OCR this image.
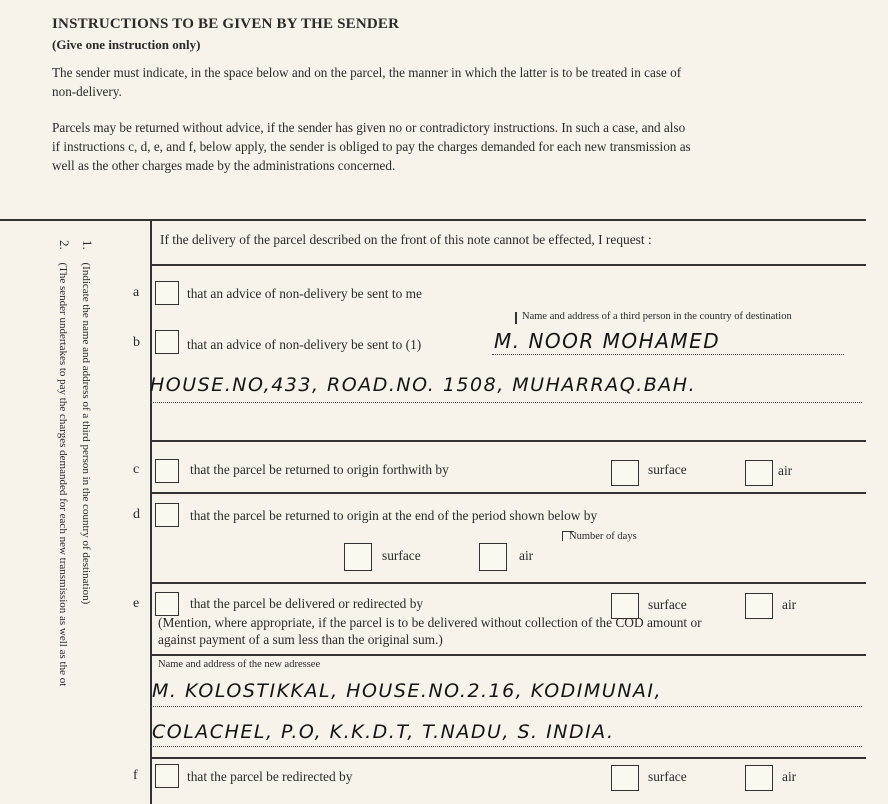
INSTRUCTIONS TO BE GIVEN BY THE SENDER
(Give one instruction only)
The sender must indicate, in the space below and on the parcel, the manner in which the latter is to be treated in case of
non-delivery.
Parcels may be returned without advice, if the sender has given no or contradictory instructions. In such a case, and also
if instructions c, d, e, and f, below apply, the sender is obliged to pay the charges demanded for each new transmission as
well as the other charges made by the administrations concerned.
1. (Indicate the name and address of a third person in the country of destination)
2. (The sender undertakes to pay the charges demanded for each new transmission as well as the ot
If the delivery of the parcel described on the front of this note cannot be effected, I request :
a	that an advice of non-delivery be sent to me
Name and address of a third person in the country of destination
b	that an advice of non-delivery be sent to (1)	M. NOOR MOHAMED
HOUSE.NO,433, ROAD.NO. 1508, MUHARRAQ.BAH.
c	that the parcel be returned to origin forthwith by	surface	air
d	that the parcel be returned to origin at the end of the period shown below by
Number of days
surface	air
e	that the parcel be delivered or redirected by	surface	air
(Mention, where appropriate, if the parcel is to be delivered without collection of the COD amount or
against payment of a sum less than the original sum.)
Name and address of the new adressee
M. KOLOSTIKKAL, HOUSE.NO.2.16, KODIMUNAI,
COLACHEL, P.O, K.K.D.T, T.NADU, S. INDIA.
f	that the parcel be redirected by	surface	air
